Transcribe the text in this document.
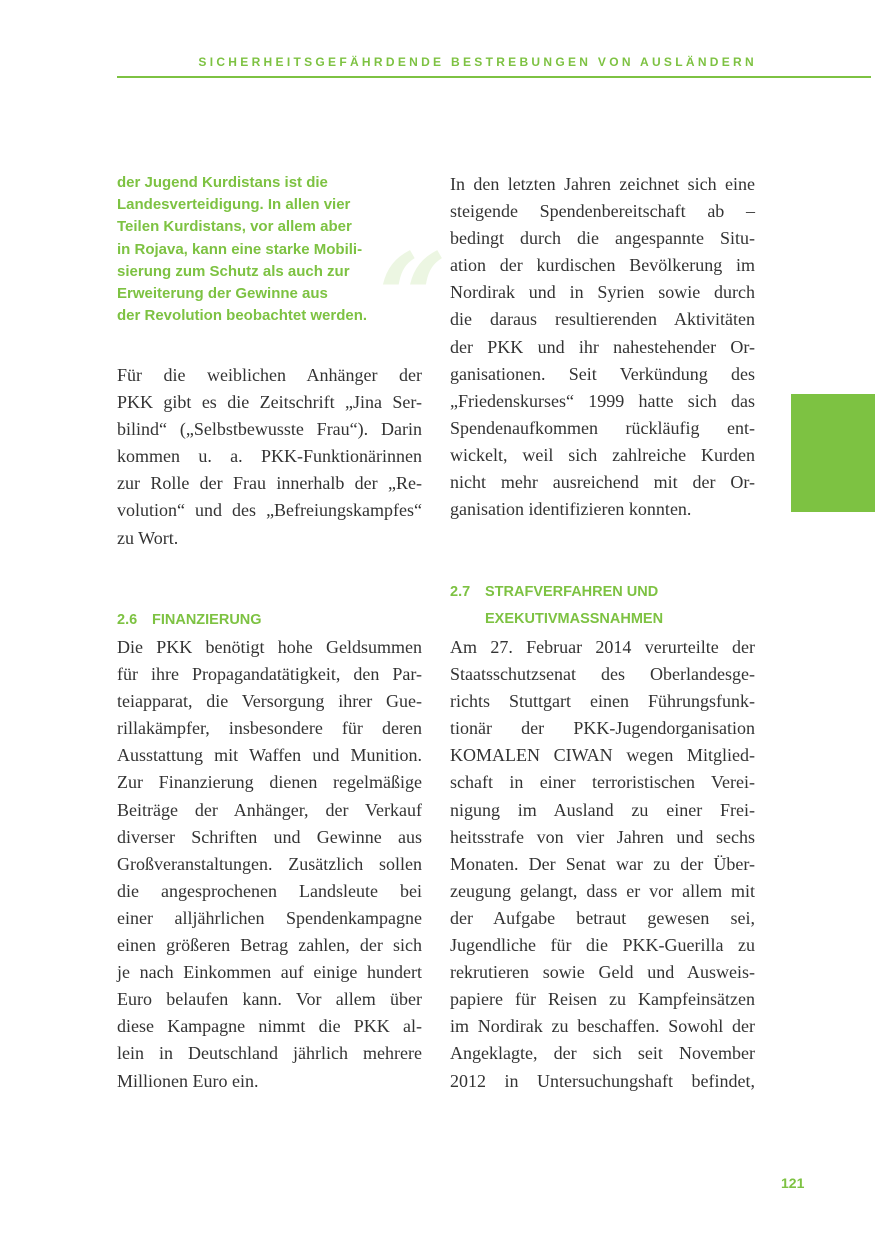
SICHERHEITSGEFÄHRDENDE BESTREBUNGEN VON AUSLÄNDERN
“
der Jugend Kurdistans ist die
Landesverteidigung. In allen vier
Teilen Kurdistans, vor allem aber
in Rojava, kann eine starke Mobili-
sierung zum Schutz als auch zur
Erweiterung der Gewinne aus
der Revolution beobachtet werden.

Für die weiblichen Anhänger der
PKK gibt es die Zeitschrift „Jina Ser-
bilind“ („Selbstbewusste Frau“). Darin
kommen u. a. PKK-Funktionärinnen
zur Rolle der Frau innerhalb der „Re-
volution“ und des „Befreiungskampfes“
zu Wort.

2.6 FINANZIERUNG

Die PKK benötigt hohe Geldsummen
für ihre Propagandatätigkeit, den Par-
teiapparat, die Versorgung ihrer Gue-
rillakämpfer, insbesondere für deren
Ausstattung mit Waffen und Munition.
Zur Finanzierung dienen regelmäßige
Beiträge der Anhänger, der Verkauf
diverser Schriften und Gewinne aus
Großveranstaltungen. Zusätzlich sollen
die angesprochenen Landsleute bei
einer alljährlichen Spendenkampagne
einen größeren Betrag zahlen, der sich
je nach Einkommen auf einige hundert
Euro belaufen kann. Vor allem über
diese Kampagne nimmt die PKK al-
lein in Deutschland jährlich mehrere
Millionen Euro ein.

In den letzten Jahren zeichnet sich eine
steigende Spendenbereitschaft ab –
bedingt durch die angespannte Situ-
ation der kurdischen Bevölkerung im
Nordirak und in Syrien sowie durch
die daraus resultierenden Aktivitäten
der PKK und ihr nahestehender Or-
ganisationen. Seit Verkündung des
„Friedenskurses“ 1999 hatte sich das
Spendenaufkommen rückläufig ent-
wickelt, weil sich zahlreiche Kurden
nicht mehr ausreichend mit der Or-
ganisation identifizieren konnten.

2.7 STRAFVERFAHREN UND
EXEKUTIVMASSNAHMEN

Am 27. Februar 2014 verurteilte der
Staatsschutzsenat des Oberlandesge-
richts Stuttgart einen Führungsfunk-
tionär der PKK-Jugendorganisation
KOMALEN CIWAN wegen Mitglied-
schaft in einer terroristischen Verei-
nigung im Ausland zu einer Frei-
heitsstrafe von vier Jahren und sechs
Monaten. Der Senat war zu der Über-
zeugung gelangt, dass er vor allem mit
der Aufgabe betraut gewesen sei,
Jugendliche für die PKK-Guerilla zu
rekrutieren sowie Geld und Ausweis-
papiere für Reisen zu Kampfeinsätzen
im Nordirak zu beschaffen. Sowohl der
Angeklagte, der sich seit November
2012 in Untersuchungshaft befindet,

121
